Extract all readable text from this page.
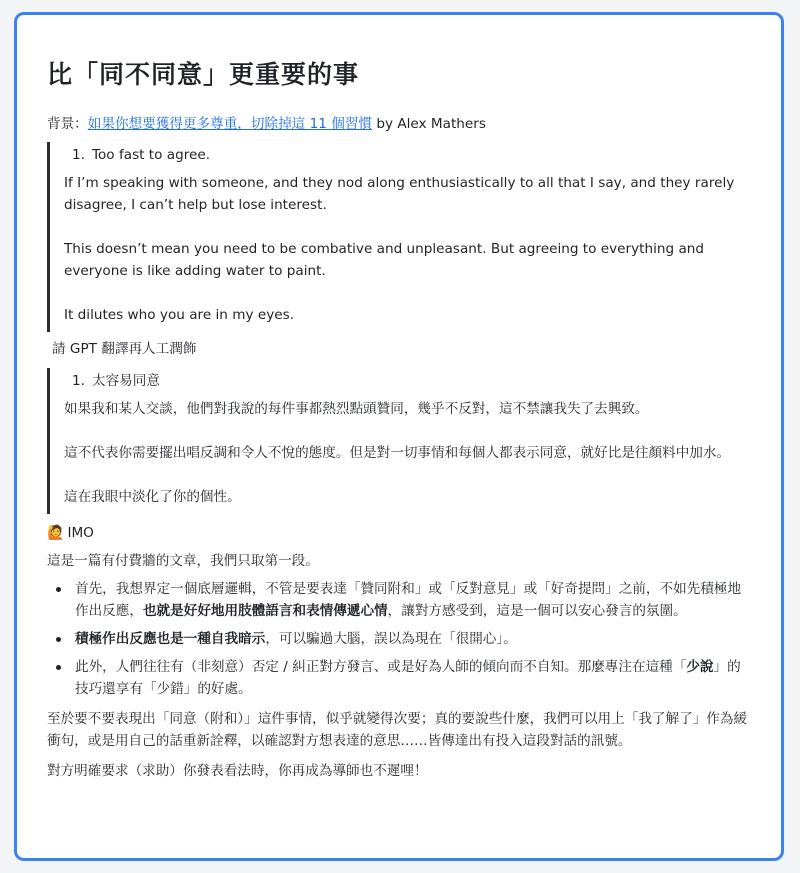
比「同不同意」更重要的事
背景：如果你想要獲得更多尊重，切除掉這 11 個習慣 by Alex Mathers
1. Too fast to agree.

If I’m speaking with someone, and they nod along enthusiastically to all that I say, and they rarely disagree, I can’t help but lose interest.

This doesn’t mean you need to be combative and unpleasant. But agreeing to everything and everyone is like adding water to paint.

It dilutes who you are in my eyes.

請 GPT 翻譯再人工潤飾
1. 太容易同意

如果我和某人交談，他們對我說的每件事都熱烈點頭贊同，幾乎不反對，這不禁讓我失了去興致。

這不代表你需要擺出唱反調和令人不悅的態度。但是對一切事情和每個人都表示同意，就好比是往顏料中加水。

這在我眼中淡化了你的個性。

🙋 IMO
這是一篇有付費牆的文章，我們只取第一段。
首先，我想界定一個底層邏輯，不管是要表達「贊同附和」或「反對意見」或「好奇提問」之前，不如先積極地作出反應，也就是好好地用肢體語言和表情傳遞心情，讓對方感受到，這是一個可以安心發言的氛圍。
積極作出反應也是一種自我暗示，可以騙過大腦，誤以為現在「很開心」。
此外，人們往往有（非刻意）否定 / 糾正對方發言、或是好為人師的傾向而不自知。那麼專注在這種「少說」的技巧還享有「少錯」的好處。
至於要不要表現出「同意（附和）」這件事情，似乎就變得次要；真的要說些什麼，我們可以用上「我了解了」作為緩衝句，或是用自己的話重新詮釋，以確認對方想表達的意思……皆傳達出有投入這段對話的訊號。
對方明確要求（求助）你發表看法時，你再成為導師也不遲哩！
